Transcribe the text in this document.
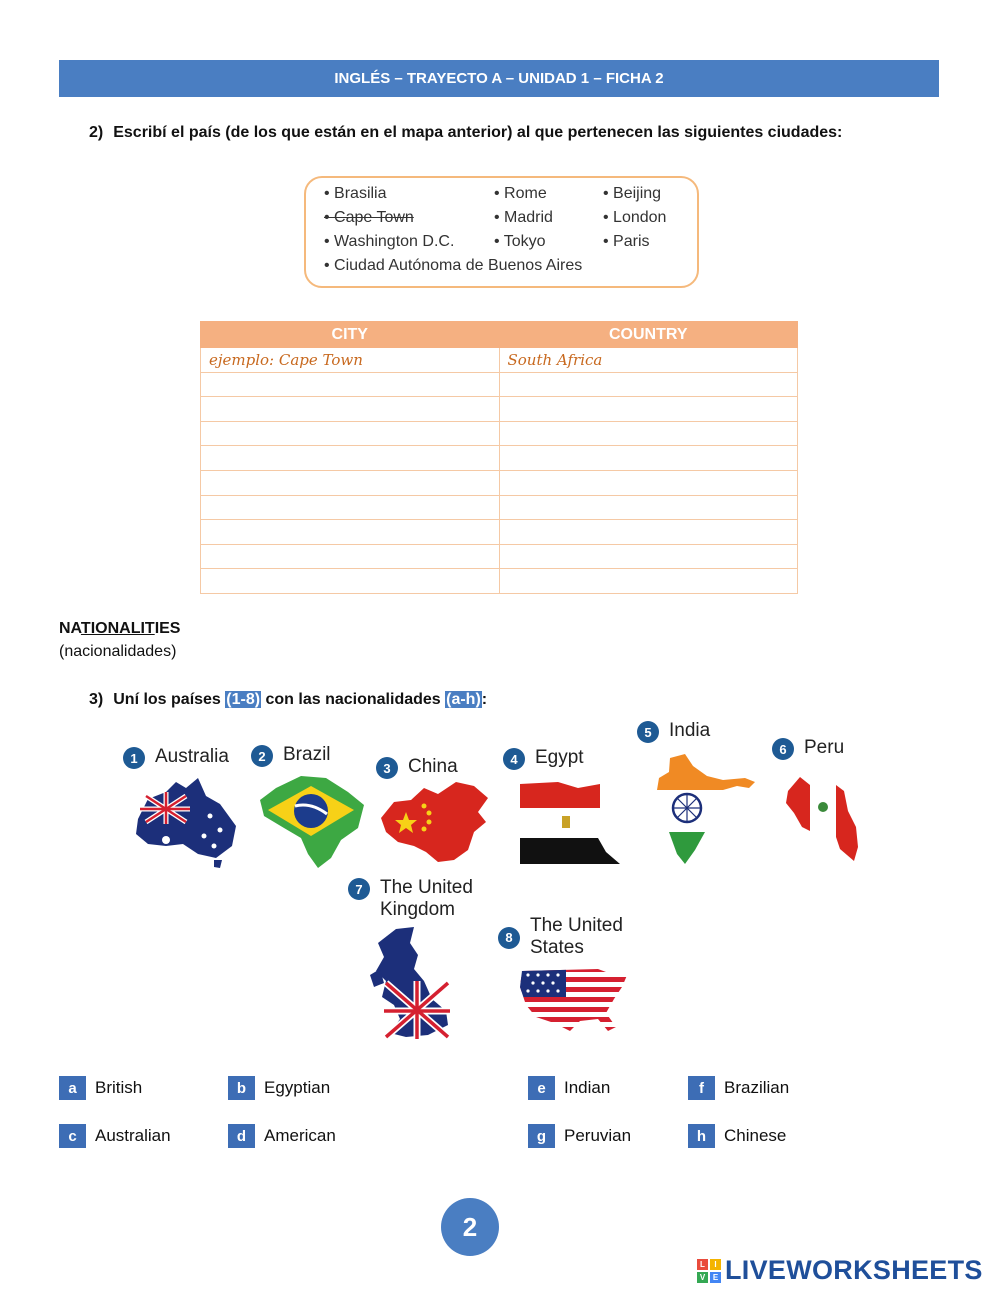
INGLÉS – TRAYECTO A – UNIDAD 1 – FICHA 2
2) Escribí el país (de los que están en el mapa anterior) al que pertenecen las siguientes ciudades:
• Brasilia
• Cape Town
• Washington D.C.
• Ciudad Autónoma de Buenos Aires
• Rome
• Madrid
• Tokyo
• Beijing
• London
• Paris
CITY	COUNTRY
ejemplo: Cape Town	South Africa

NATIONALITIES
(nacionalidades)
3) Uní los países (1-8) con las nacionalidades (a-h):
1 Australia	2 Brazil
3 China	4 Egypt
5 India
6 Peru
7 The United
Kingdom
8
The United
States
a	British	b	Egyptian	e	Indian	f	Brazilian
c	Australian	d	American	g	Peruvian	h	Chinese
2
L	I
V E LIVEWORKSHEETS
